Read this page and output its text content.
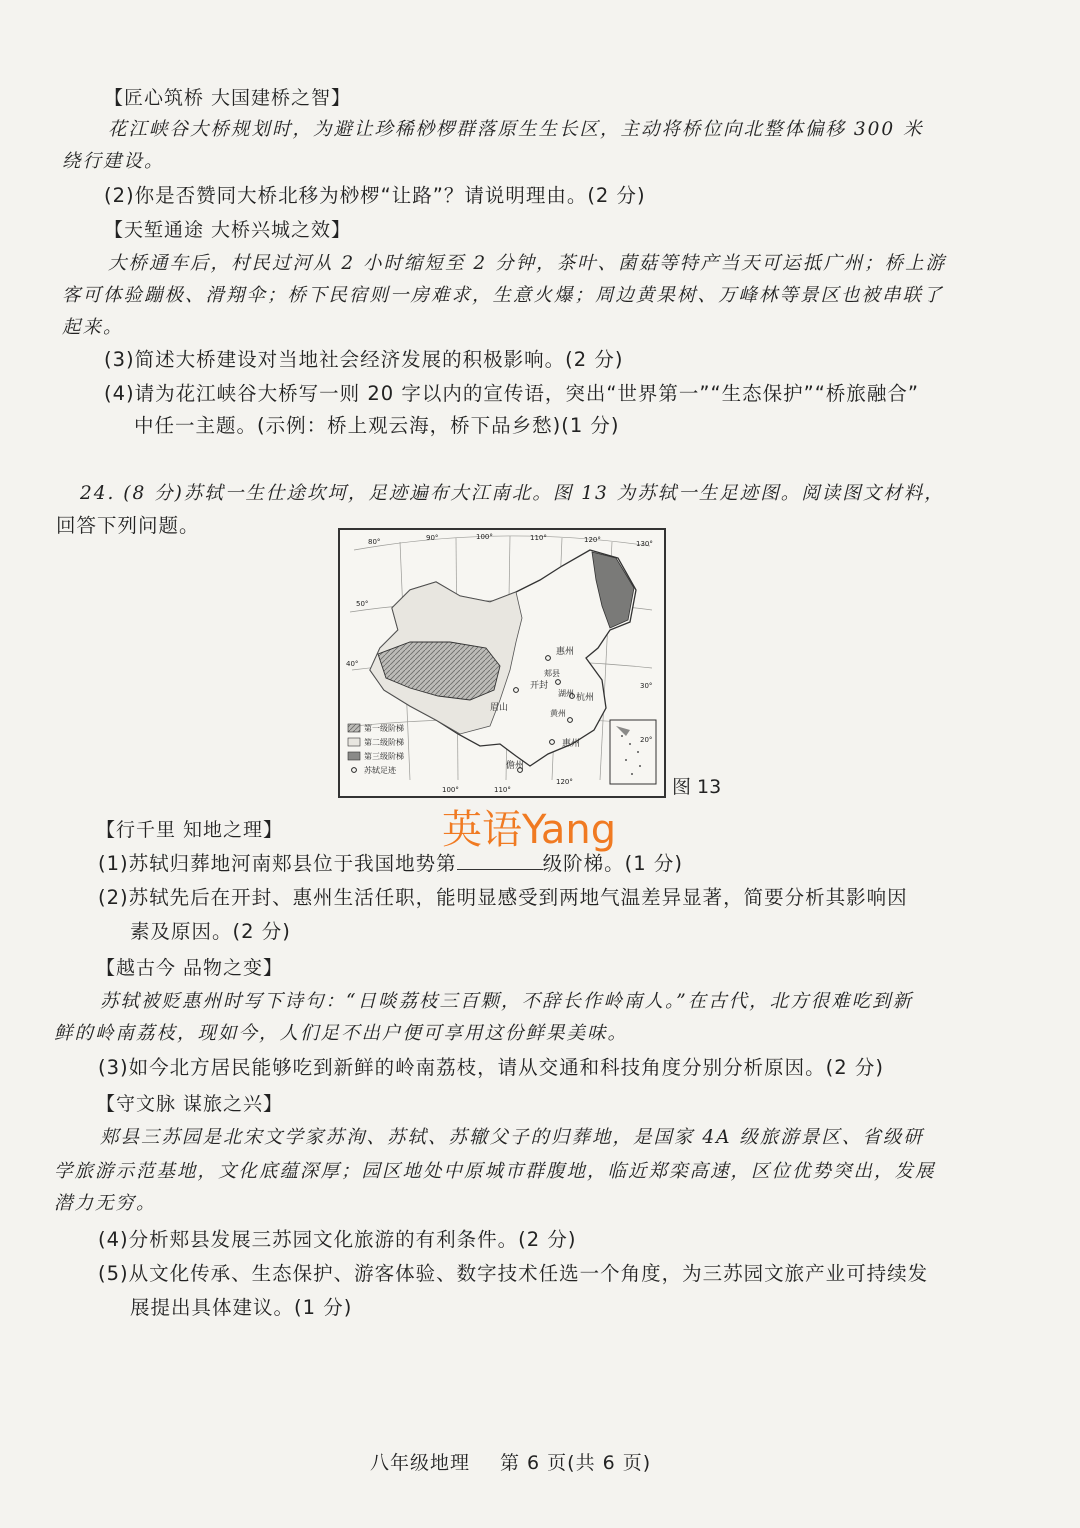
【匠心筑桥 大国建桥之智】
花江峡谷大桥规划时，为避让珍稀桫椤群落原生生长区，主动将桥位向北整体偏移 300 米
绕行建设。
(2)你是否赞同大桥北移为桫椤“让路”？请说明理由。(2 分)
【天堑通途 大桥兴城之效】
大桥通车后，村民过河从 2 小时缩短至 2 分钟，茶叶、菌菇等特产当天可运抵广州；桥上游
客可体验蹦极、滑翔伞；桥下民宿则一房难求，生意火爆；周边黄果树、万峰林等景区也被串联了
起来。
(3)简述大桥建设对当地社会经济发展的积极影响。(2 分)
(4)请为花江峡谷大桥写一则 20 字以内的宣传语，突出“世界第一”“生态保护”“桥旅融合”
中任一主题。(示例：桥上观云海，桥下品乡愁)(1 分)
24. (8 分)苏轼一生仕途坎坷，足迹遍布大江南北。图 13 为苏轼一生足迹图。阅读图文材料，
回答下列问题。
80°	90°	100°	110°	120°	130°
100°	110°
120°
50°
40°
30°
20°
惠州
郏县
开封
杭州
湖州
眉山
黄州
惠州
儋州
第一级阶梯
第二级阶梯
第三级阶梯
苏轼足迹
图 13
英语Yang
【行千里 知地之理】
(1)苏轼归葬地河南郏县位于我国地势第	级阶梯。(1 分)
(2)苏轼先后在开封、惠州生活任职，能明显感受到两地气温差异显著，简要分析其影响因
素及原因。(2 分)
【越古今 品物之变】
苏轼被贬惠州时写下诗句：“日啖荔枝三百颗，不辞长作岭南人。”在古代，北方很难吃到新
鲜的岭南荔枝，现如今，人们足不出户便可享用这份鲜果美味。
(3)如今北方居民能够吃到新鲜的岭南荔枝，请从交通和科技角度分别分析原因。(2 分)
【守文脉 谋旅之兴】
郏县三苏园是北宋文学家苏洵、苏轼、苏辙父子的归葬地，是国家 4A 级旅游景区、省级研
学旅游示范基地，文化底蕴深厚；园区地处中原城市群腹地，临近郑栾高速，区位优势突出，发展
潜力无穷。
(4)分析郏县发展三苏园文化旅游的有利条件。(2 分)
(5)从文化传承、生态保护、游客体验、数字技术任选一个角度，为三苏园文旅产业可持续发
展提出具体建议。(1 分)
八年级地理 第 6 页(共 6 页)
